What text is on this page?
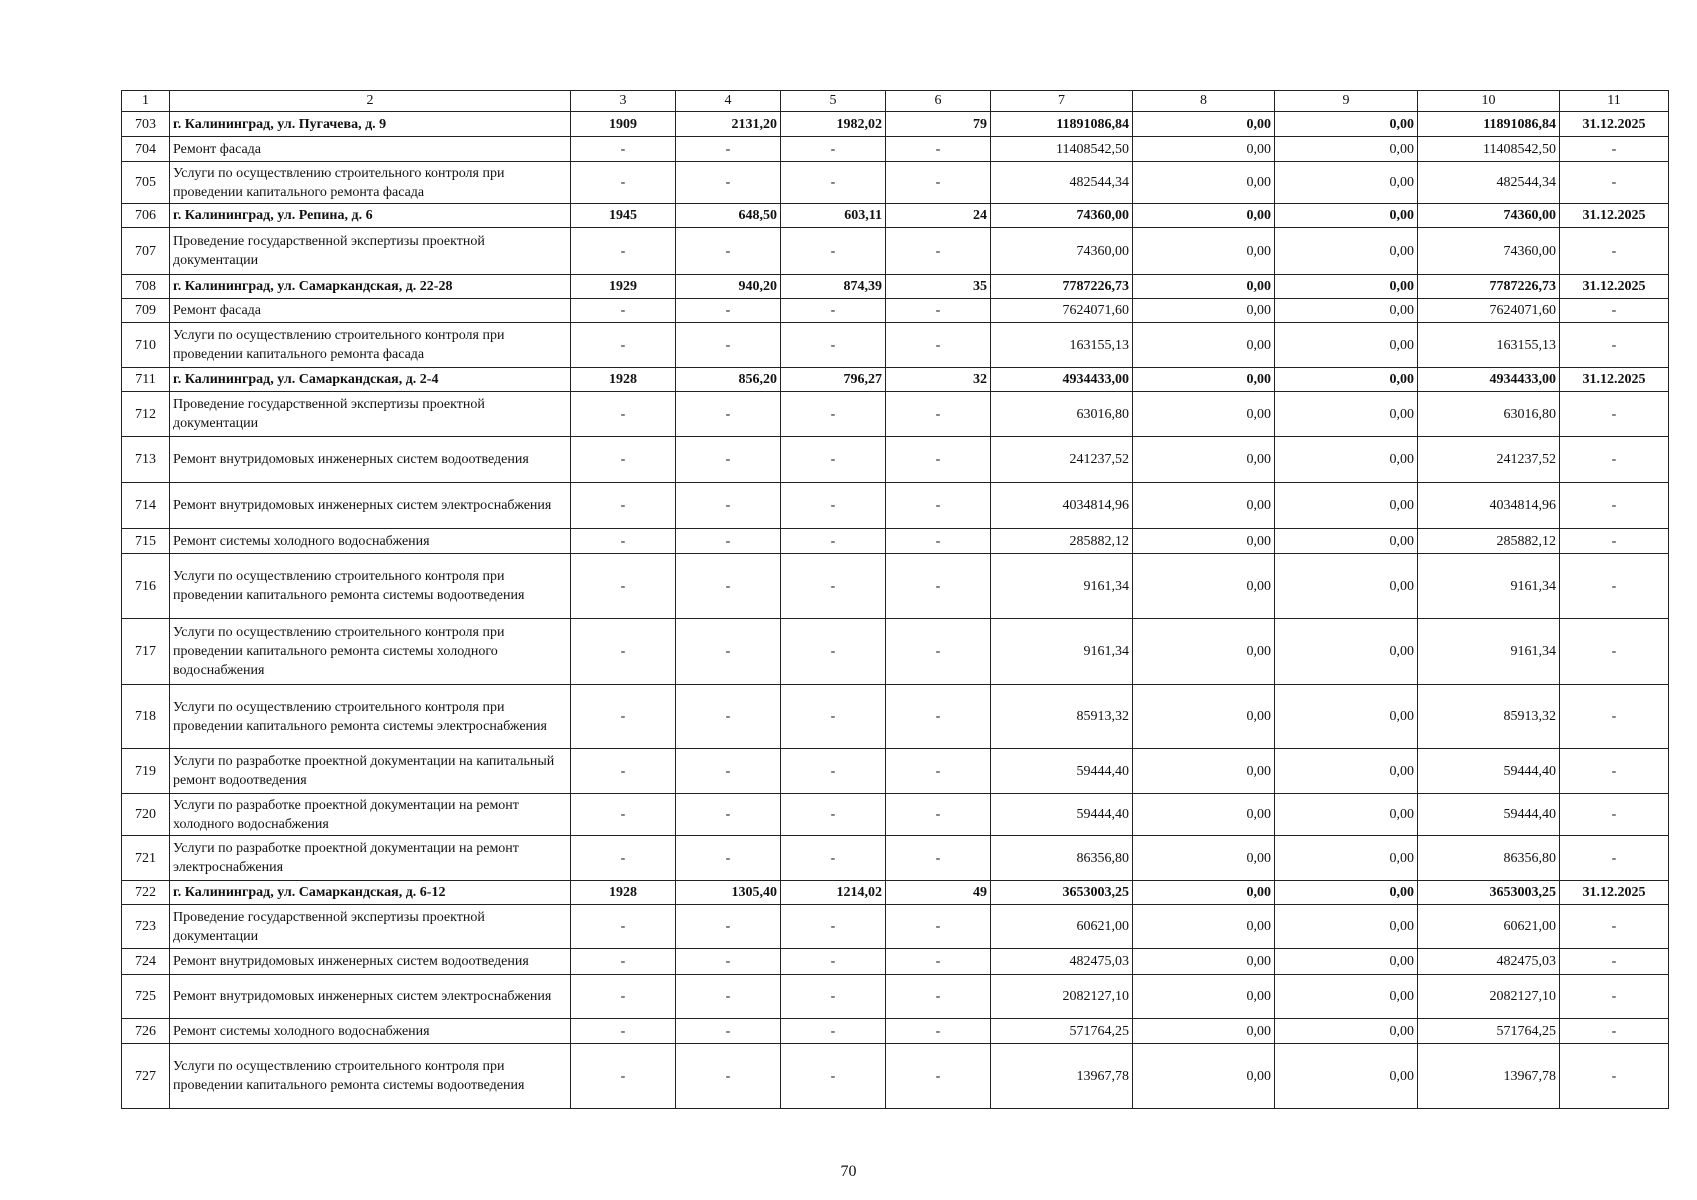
1	2	3	4	5	6	7	8	9	10	11
703	г. Калининград, ул. Пугачева, д. 9	1909	2131,20	1982,02	79	11891086,84	0,00	0,00	11891086,84	31.12.2025
704	Ремонт фасада	-	-	-	-	11408542,50	0,00	0,00	11408542,50	-
705	Услуги по осуществлению строительного контроля при проведении капитального ремонта фасада	-	-	-	-	482544,34	0,00	0,00	482544,34	-
706	г. Калининград, ул. Репина, д. 6	1945	648,50	603,11	24	74360,00	0,00	0,00	74360,00	31.12.2025
707	Проведение государственной экспертизы проектной документации	-	-	-	-	74360,00	0,00	0,00	74360,00	-
708	г. Калининград, ул. Самаркандская, д. 22-28	1929	940,20	874,39	35	7787226,73	0,00	0,00	7787226,73	31.12.2025
709	Ремонт фасада	-	-	-	-	7624071,60	0,00	0,00	7624071,60	-
710	Услуги по осуществлению строительного контроля при проведении капитального ремонта фасада	-	-	-	-	163155,13	0,00	0,00	163155,13	-
711	г. Калининград, ул. Самаркандская, д. 2-4	1928	856,20	796,27	32	4934433,00	0,00	0,00	4934433,00	31.12.2025
712	Проведение государственной экспертизы проектной документации	-	-	-	-	63016,80	0,00	0,00	63016,80	-
713	Ремонт внутридомовых инженерных систем водоотведения	-	-	-	-	241237,52	0,00	0,00	241237,52	-
714	Ремонт внутридомовых инженерных систем электроснабжения	-	-	-	-	4034814,96	0,00	0,00	4034814,96	-
715	Ремонт системы холодного водоснабжения	-	-	-	-	285882,12	0,00	0,00	285882,12	-
716	Услуги по осуществлению строительного контроля при проведении капитального ремонта системы водоотведения	-	-	-	-	9161,34	0,00	0,00	9161,34	-
717	Услуги по осуществлению строительного контроля при проведении капитального ремонта системы холодного водоснабжения	-	-	-	-	9161,34	0,00	0,00	9161,34	-
718	Услуги по осуществлению строительного контроля при проведении капитального ремонта системы электроснабжения	-	-	-	-	85913,32	0,00	0,00	85913,32	-
719	Услуги по разработке проектной документации на капитальный ремонт водоотведения	-	-	-	-	59444,40	0,00	0,00	59444,40	-
720	Услуги по разработке проектной документации на ремонт холодного водоснабжения	-	-	-	-	59444,40	0,00	0,00	59444,40	-
721	Услуги по разработке проектной документации на ремонт электроснабжения	-	-	-	-	86356,80	0,00	0,00	86356,80	-
722	г. Калининград, ул. Самаркандская, д. 6-12	1928	1305,40	1214,02	49	3653003,25	0,00	0,00	3653003,25	31.12.2025
723	Проведение государственной экспертизы проектной документации	-	-	-	-	60621,00	0,00	0,00	60621,00	-
724	Ремонт внутридомовых инженерных систем водоотведения	-	-	-	-	482475,03	0,00	0,00	482475,03	-
725	Ремонт внутридомовых инженерных систем электроснабжения	-	-	-	-	2082127,10	0,00	0,00	2082127,10	-
726	Ремонт системы холодного водоснабжения	-	-	-	-	571764,25	0,00	0,00	571764,25	-
727	Услуги по осуществлению строительного контроля при проведении капитального ремонта системы водоотведения	-	-	-	-	13967,78	0,00	0,00	13967,78	-
70
